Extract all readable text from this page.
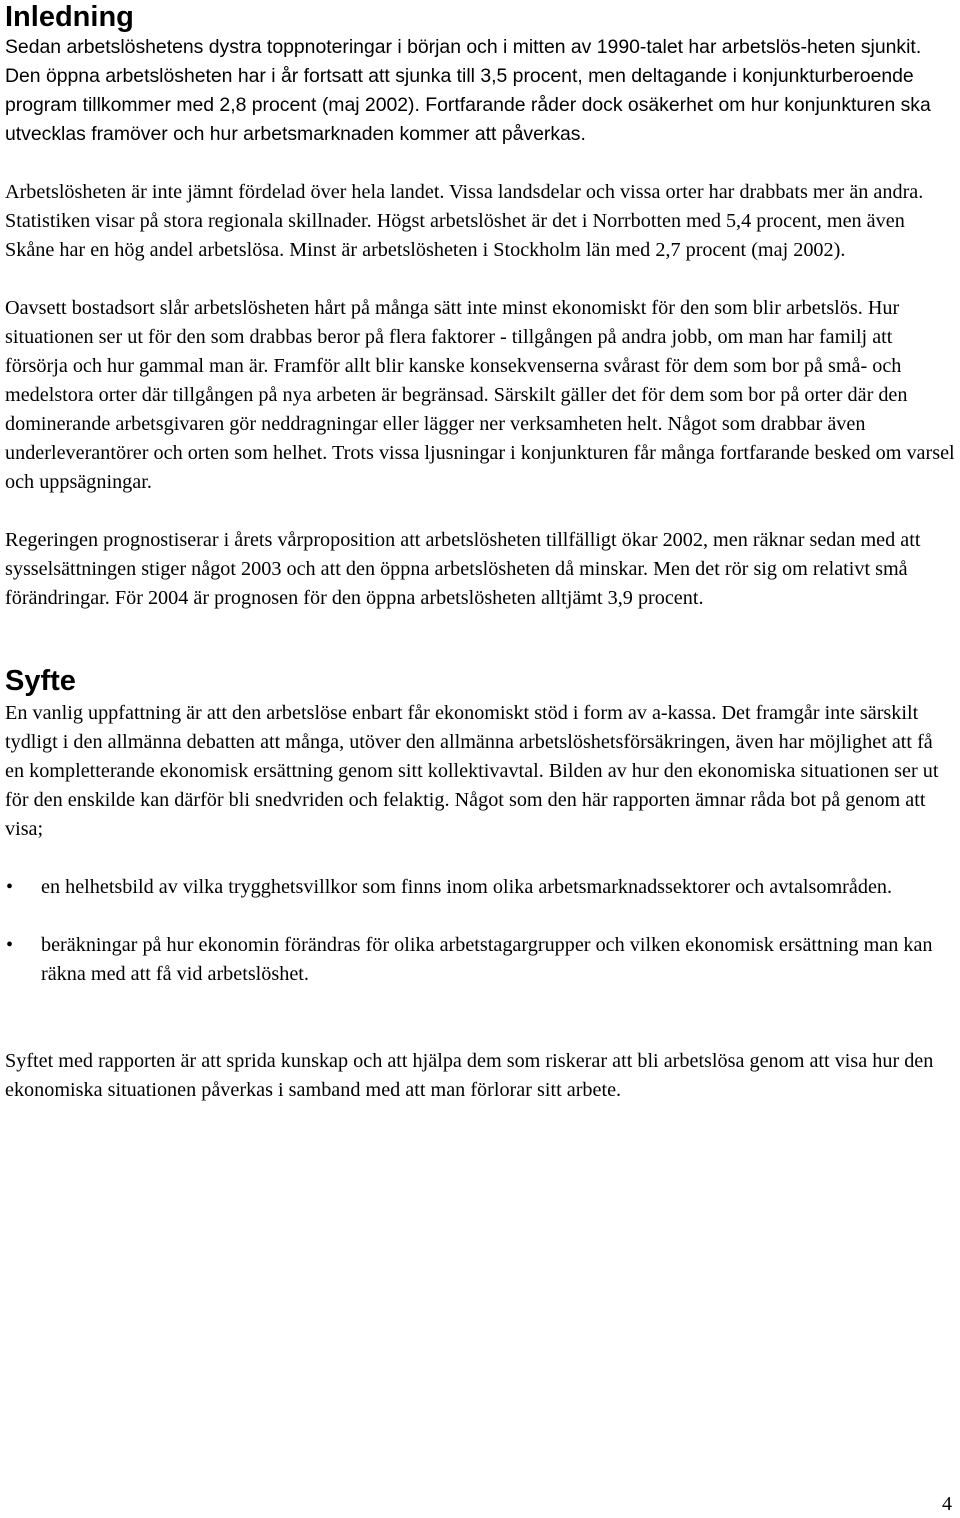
Inledning

Sedan arbetslöshetens dystra toppnoteringar i början och i mitten av 1990-talet har arbetslös-heten sjunkit. Den öppna arbetslösheten har i år fortsatt att sjunka till 3,5 procent, men deltagande i konjunkturberoende program tillkommer med 2,8 procent (maj 2002). Fortfarande råder dock osäkerhet om hur konjunkturen ska utvecklas framöver och hur arbetsmarknaden kommer att påverkas.

Arbetslösheten är inte jämnt fördelad över hela landet. Vissa landsdelar och vissa orter har drabbats mer än andra. Statistiken visar på stora regionala skillnader. Högst arbetslöshet är det i Norrbotten med 5,4 procent, men även Skåne har en hög andel arbetslösa. Minst är arbetslösheten i Stockholm län med 2,7 procent (maj 2002).

Oavsett bostadsort slår arbetslösheten hårt på många sätt inte minst ekonomiskt för den som blir arbetslös. Hur situationen ser ut för den som drabbas beror på flera faktorer - tillgången på andra jobb, om man har familj att försörja och hur gammal man är. Framför allt blir kanske konsekvenserna svårast för dem som bor på små- och medelstora orter där tillgången på nya arbeten är begränsad. Särskilt gäller det för dem som bor på orter där den dominerande arbetsgivaren gör neddragningar eller lägger ner verksamheten helt. Något som drabbar även underleverantörer och orten som helhet. Trots vissa ljusningar i konjunkturen får många fortfarande besked om varsel och uppsägningar.

Regeringen prognostiserar i årets vårproposition att arbetslösheten tillfälligt ökar 2002, men räknar sedan med att sysselsättningen stiger något 2003 och att den öppna arbetslösheten då minskar. Men det rör sig om relativt små förändringar. För 2004 är prognosen för den öppna arbetslösheten alltjämt 3,9 procent.

Syfte

En vanlig uppfattning är att den arbetslöse enbart får ekonomiskt stöd i form av a-kassa. Det framgår inte särskilt tydligt i den allmänna debatten att många, utöver den allmänna arbetslöshetsförsäkringen, även har möjlighet att få en kompletterande ekonomisk ersättning genom sitt kollektivavtal. Bilden av hur den ekonomiska situationen ser ut för den enskilde kan därför bli snedvriden och felaktig. Något som den här rapporten ämnar råda bot på genom att visa;

• en helhetsbild av vilka trygghetsvillkor som finns inom olika arbetsmarknadssektorer och avtalsområden.
• beräkningar på hur ekonomin förändras för olika arbetstagargrupper och vilken ekonomisk ersättning man kan räkna med att få vid arbetslöshet.

Syftet med rapporten är att sprida kunskap och att hjälpa dem som riskerar att bli arbetslösa genom att visa hur den ekonomiska situationen påverkas i samband med att man förlorar sitt arbete.

4
